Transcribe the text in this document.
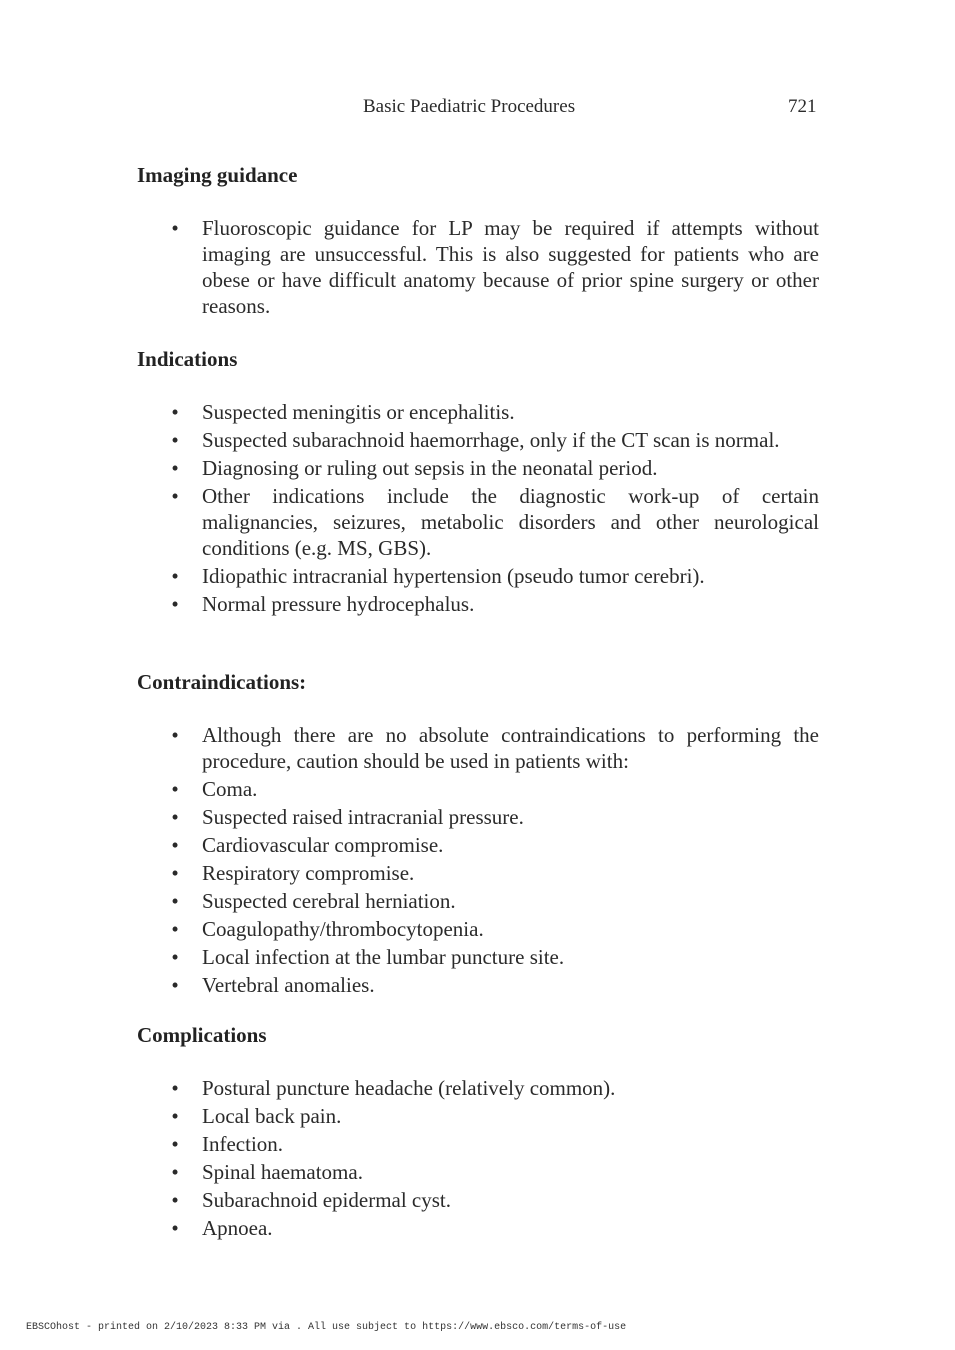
Basic Paediatric Procedures	721
Imaging guidance
• Fluoroscopic guidance for LP may be required if attempts without imaging are unsuccessful. This is also suggested for patients who are obese or have difficult anatomy because of prior spine surgery or other reasons.
Indications
• Suspected meningitis or encephalitis.
• Suspected subarachnoid haemorrhage, only if the CT scan is normal.
• Diagnosing or ruling out sepsis in the neonatal period.
• Other indications include the diagnostic work-up of certain malignancies, seizures, metabolic disorders and other neurological conditions (e.g. MS, GBS).
• Idiopathic intracranial hypertension (pseudo tumor cerebri).
• Normal pressure hydrocephalus.
Contraindications:
• Although there are no absolute contraindications to performing the procedure, caution should be used in patients with:
• Coma.
• Suspected raised intracranial pressure.
• Cardiovascular compromise.
• Respiratory compromise.
• Suspected cerebral herniation.
• Coagulopathy/thrombocytopenia.
• Local infection at the lumbar puncture site.
• Vertebral anomalies.
Complications
• Postural puncture headache (relatively common).
• Local back pain.
• Infection.
• Spinal haematoma.
• Subarachnoid epidermal cyst.
• Apnoea.
EBSCOhost - printed on 2/10/2023 8:33 PM via . All use subject to https://www.ebsco.com/terms-of-use
